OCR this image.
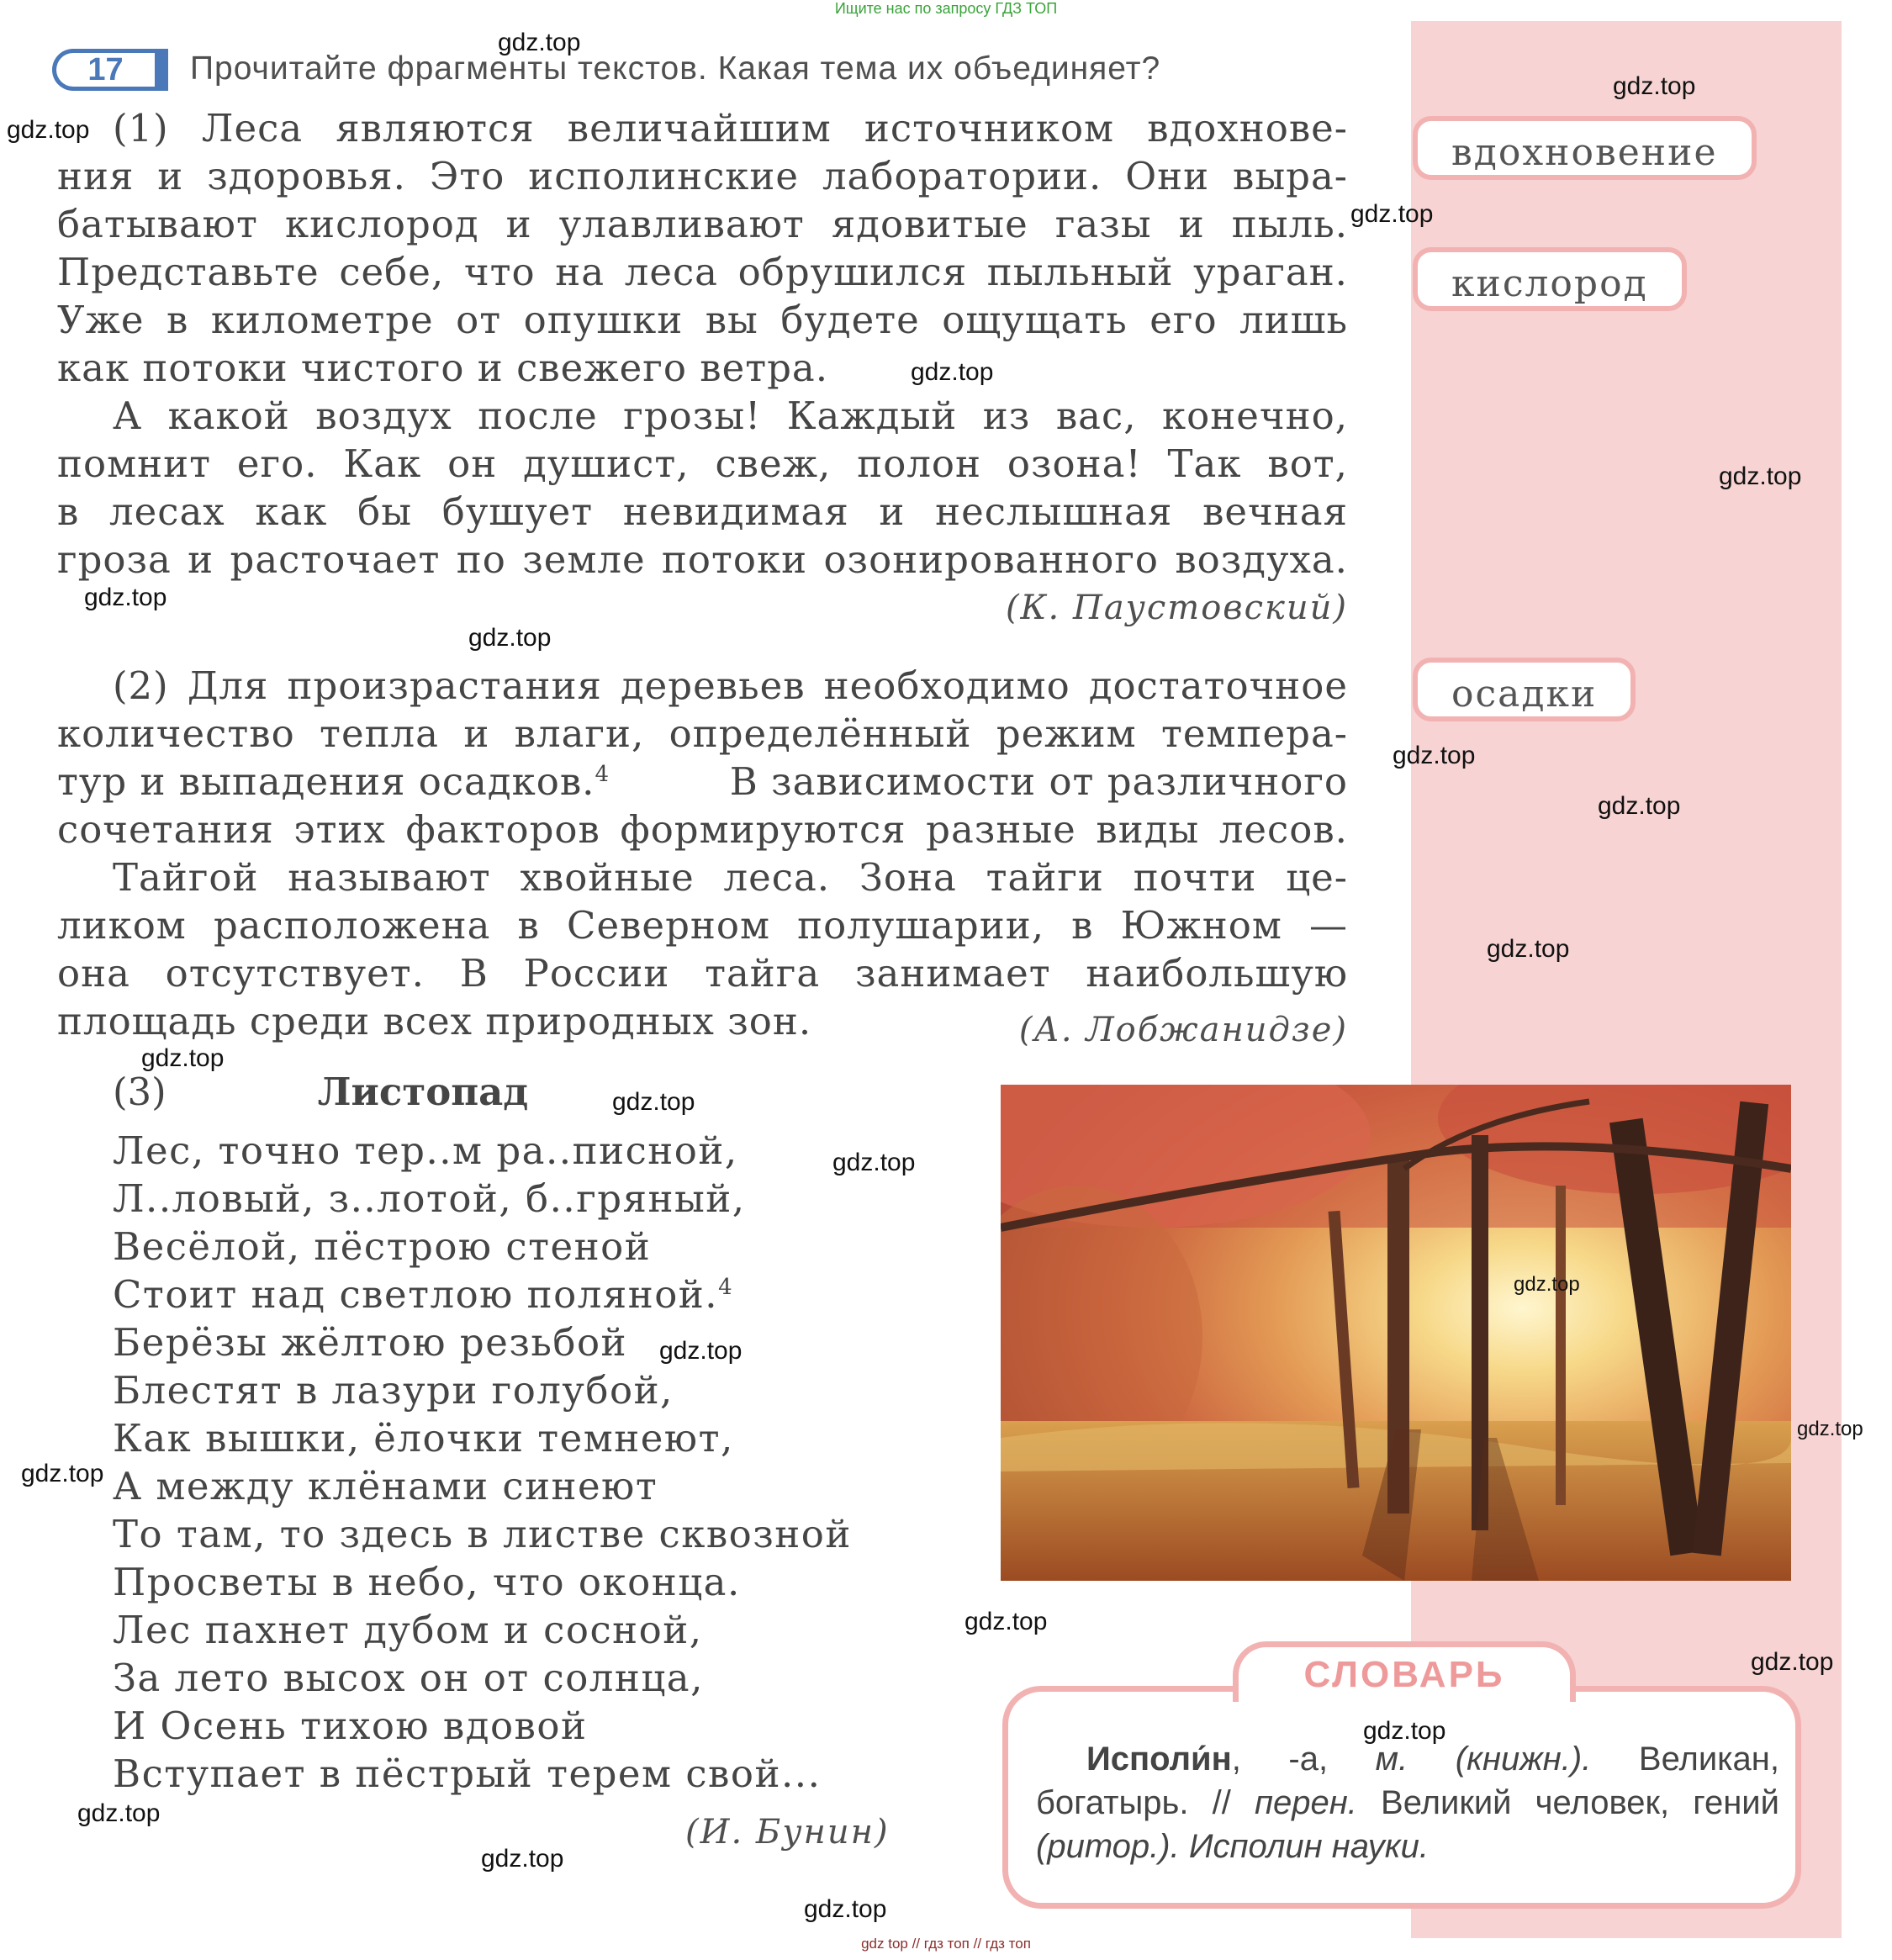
Ищите нас по запросу ГДЗ ТОП
17	Прочитайте фрагменты текстов. Какая тема их объединяет?
(1) Леса являются величайшим источником вдохнове-
ния и здоровья. Это исполинские лаборатории. Они выра-
батывают кислород и улавливают ядовитые газы и пыль.
Представьте себе, что на леса обрушился пыльный ураган.
Уже в километре от опушки вы будете ощущать его лишь
как потоки чистого и свежего ветра.
А какой воздух после грозы! Каждый из вас, конечно,
помнит его. Как он душист, свеж, полон озона! Так вот,
в лесах как бы бушует невидимая и неслышная вечная
гроза и расточает по земле потоки озонированного воздуха.
(К. Паустовский)
(2) Для произрастания деревьев необходимо достаточное
количество тепла и влаги, определённый режим темпера-
тур и выпадения осадков.$^4$	В зависимости от различного
сочетания этих факторов формируются разные виды лесов.
Тайгой называют хвойные леса. Зона тайги почти це-
ликом расположена в Северном полушарии, в Южном —
она отсутствует. В России тайга занимает наибольшую
площадь среди всех природных зон.	(А. Лобжанидзе)
(3)	Листопад
Лес, точно тер..м ра..писной,
Л..ловый, з..лотой, б..гряный,
Весёлой, пёстрою стеной
Стоит над светлою поляной.$^4$
Берёзы жёлтою резьбой
Блестят в лазури голубой,
Как вышки, ёлочки темнеют,
А между клёнами синеют
То там, то здесь в листве сквозной
Просветы в небо, что оконца.
Лес пахнет дубом и сосной,
За лето высох он от солнца,
И Осень тихою вдовой
Вступает в пёстрый терем свой...
(И. Бунин)
вдохновение
кислород
осадки
СЛОВАРЬ
Исполи́н, -а, м. (книжн.). Великан, богатырь. // перен. Великий человек, гений (ритор.). Исполин науки.
gdz.top
gdz.top
gdz.top
gdz.top
gdz.top
gdz.top
gdz.top
gdz.top
gdz.top
gdz.top
gdz.top
gdz.top
gdz.top
gdz.top
gdz.top
gdz.top
gdz.top
gdz.top
gdz.top
gdz.top
gdz.top
gdz.top
gdz.top
gdz.top
gdz top // гдз топ // гдз топ
